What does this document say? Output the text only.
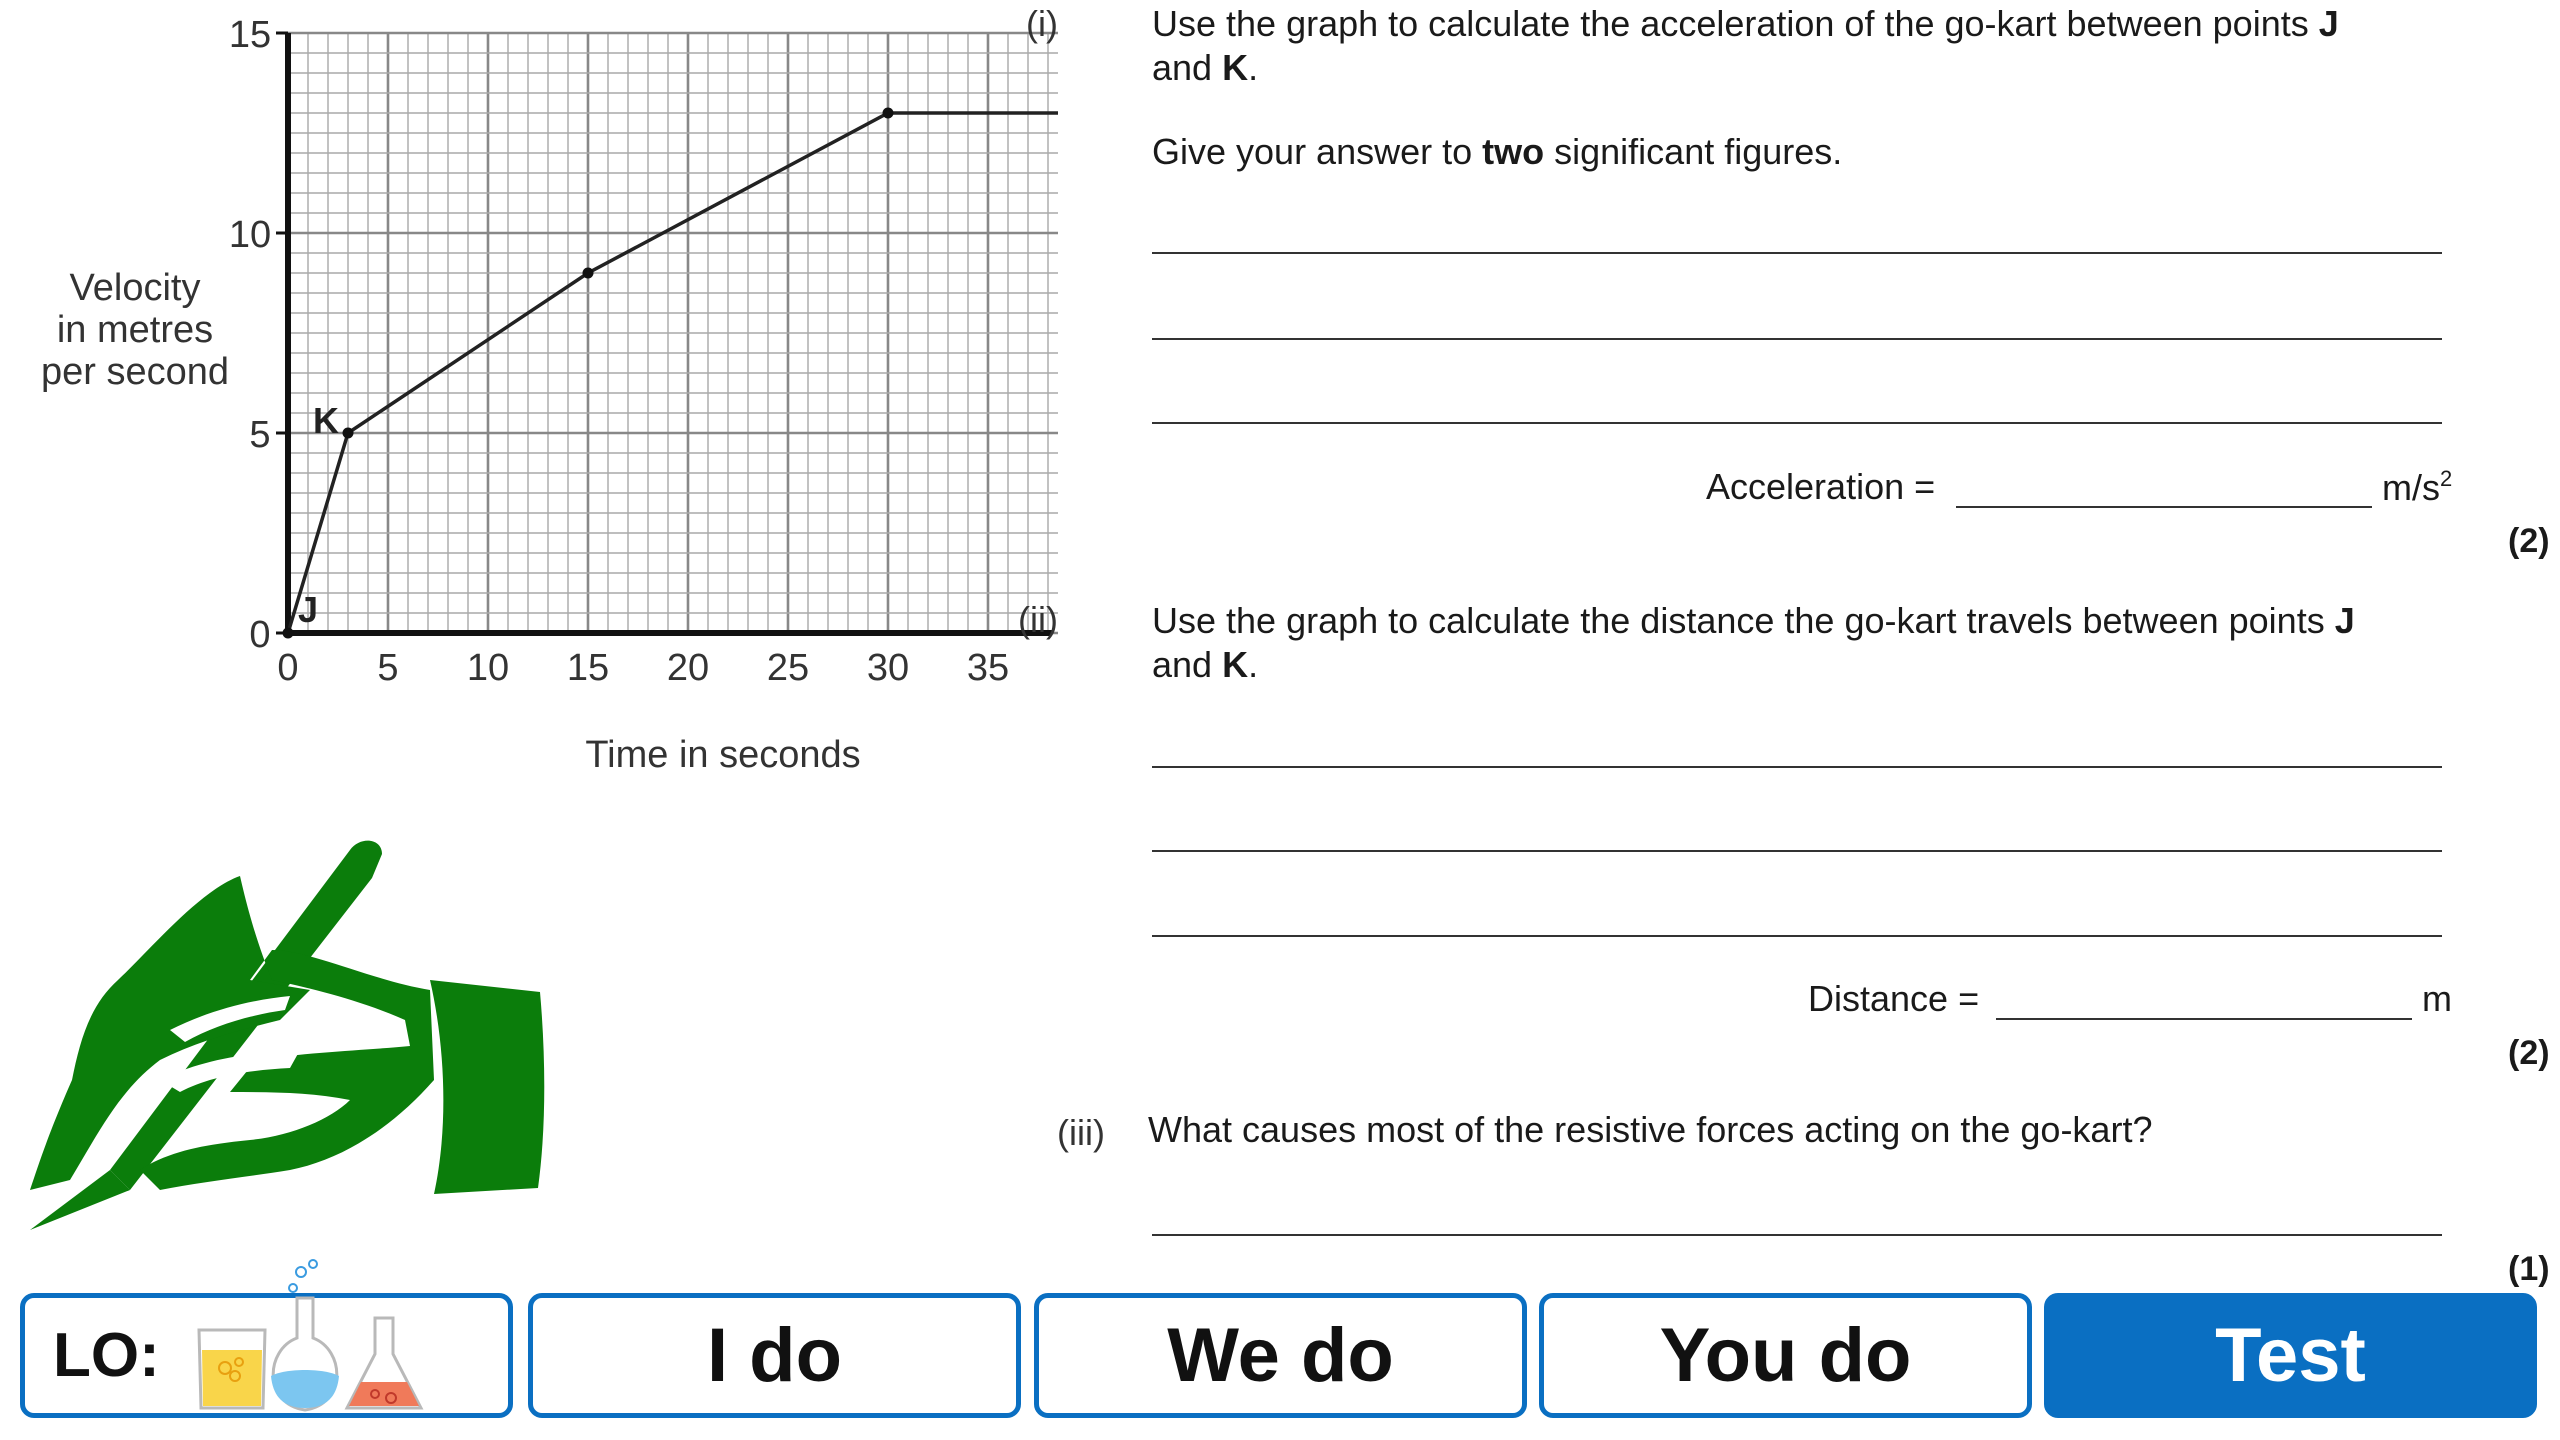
15
10
5
0
0 5 10 15 20 25 30 35
Velocity
in metres
per second
Time in seconds
J
K
(i)
(ii)
Use the graph to calculate the acceleration of the go-kart between points J
and K.
Give your answer to two significant figures.
Acceleration =	$m/s^2$
(2)
Use the graph to calculate the distance the go-kart travels between points J
and K.
Distance =	m
(2)
(iii) What causes most of the resistive forces acting on the go-kart?
(1)
LO:	I do	We do	You do	Test
